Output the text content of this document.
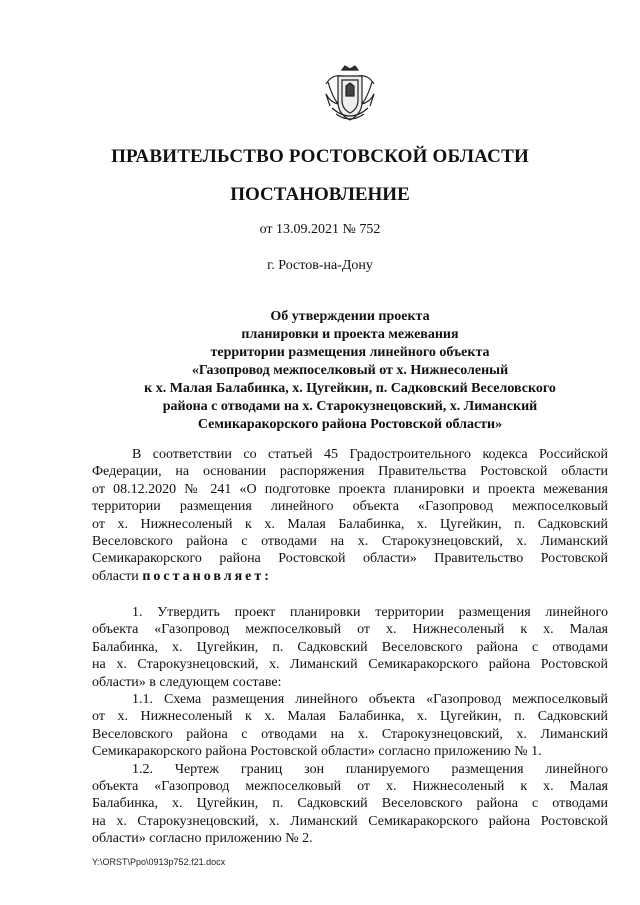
ПРАВИТЕЛЬСТВО РОСТОВСКОЙ ОБЛАСТИ
ПОСТАНОВЛЕНИЕ
от 13.09.2021 № 752
г. Ростов-на-Дону
Об утверждении проекта
планировки и проекта межевания
территории размещения линейного объекта
«Газопровод межпоселковый от х. Нижнесоленый
к х. Малая Балабинка, х. Цугейкин, п. Садковский Веселовского
района с отводами на х. Старокузнецовский, х. Лиманский
Семикаракорского района Ростовской области»
В соответствии со статьей 45 Градостроительного кодекса Российской
Федерации, на основании распоряжения Правительства Ростовской области
от 08.12.2020 № 241 «О подготовке проекта планировки и проекта межевания
территории размещения линейного объекта «Газопровод межпоселковый
от х. Нижнесоленый к х. Малая Балабинка, х. Цугейкин, п. Садковский
Веселовского района с отводами на х. Старокузнецовский, х. Лиманский
Семикаракорского района Ростовской области» Правительство Ростовской
области постановляет:
1. Утвердить проект планировки территории размещения линейного
объекта «Газопровод межпоселковый от х. Нижнесоленый к х. Малая
Балабинка, х. Цугейкин, п. Садковский Веселовского района с отводами
на х. Старокузнецовский, х. Лиманский Семикаракорского района Ростовской
области» в следующем составе:
1.1. Схема размещения линейного объекта «Газопровод межпоселковый
от х. Нижнесоленый к х. Малая Балабинка, х. Цугейкин, п. Садковский
Веселовского района с отводами на х. Старокузнецовский, х. Лиманский
Семикаракорского района Ростовской области» согласно приложению № 1.
1.2. Чертеж границ зон планируемого размещения линейного
объекта «Газопровод межпоселковый от х. Нижнесоленый к х. Малая
Балабинка, х. Цугейкин, п. Садковский Веселовского района с отводами
на х. Старокузнецовский, х. Лиманский Семикаракорского района Ростовской
области» согласно приложению № 2.
Y:\ORST\Ppo\0913p752.f21.docx
